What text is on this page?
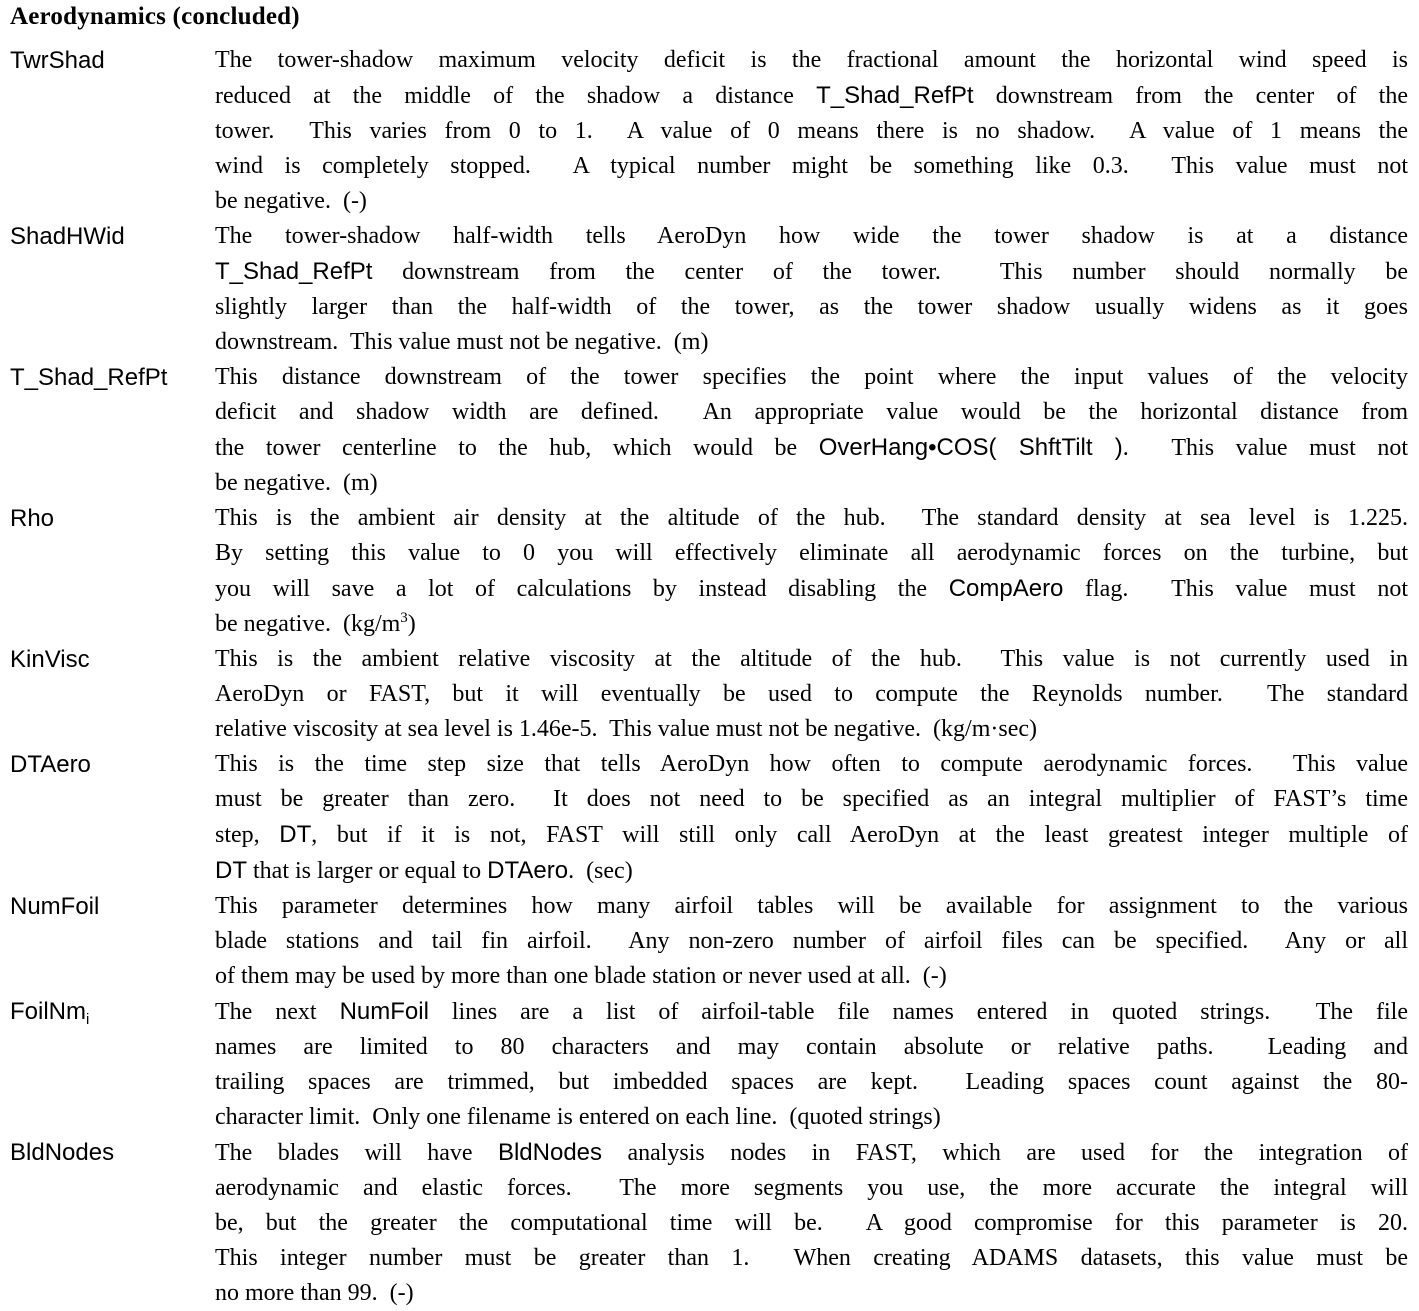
Aerodynamics (concluded)
TwrShad	The tower-shadow maximum velocity deficit is the fractional amount the horizontal wind speed is
reduced at the middle of the shadow a distance T_Shad_RefPt downstream from the center of the
tower.  This varies from 0 to 1.  A value of 0 means there is no shadow.  A value of 1 means the
wind is completely stopped.  A typical number might be something like 0.3.  This value must not
be negative.  (-)
ShadHWid	The tower-shadow half-width tells AeroDyn how wide the tower shadow is at a distance
T_Shad_RefPt downstream from the center of the tower.  This number should normally be
slightly larger than the half-width of the tower, as the tower shadow usually widens as it goes
downstream.  This value must not be negative.  (m)
T_Shad_RefPt	This distance downstream of the tower specifies the point where the input values of the velocity
deficit and shadow width are defined.  An appropriate value would be the horizontal distance from
the tower centerline to the hub, which would be OverHang•COS( ShftTilt ).  This value must not
be negative.  (m)
Rho	This is the ambient air density at the altitude of the hub.  The standard density at sea level is 1.225.
By setting this value to 0 you will effectively eliminate all aerodynamic forces on the turbine, but
you will save a lot of calculations by instead disabling the CompAero flag.  This value must not
be negative.  $(kg/m^3)$
KinVisc	This is the ambient relative viscosity at the altitude of the hub.  This value is not currently used in
AeroDyn or FAST, but it will eventually be used to compute the Reynolds number.  The standard
relative viscosity at sea level is 1.46e-5.  This value must not be negative.  (kg/m·sec)
DTAero	This is the time step size that tells AeroDyn how often to compute aerodynamic forces.  This value
must be greater than zero.  It does not need to be specified as an integral multiplier of FAST’s time
step, DT, but if it is not, FAST will still only call AeroDyn at the least greatest integer multiple of
DT that is larger or equal to DTAero.  (sec)
NumFoil	This parameter determines how many airfoil tables will be available for assignment to the various
blade stations and tail fin airfoil.  Any non-zero number of airfoil files can be specified.  Any or all
of them may be used by more than one blade station or never used at all.  (-)
FoilNm$_i$	The next NumFoil lines are a list of airfoil-table file names entered in quoted strings.  The file
names are limited to 80 characters and may contain absolute or relative paths.  Leading and
trailing spaces are trimmed, but imbedded spaces are kept.  Leading spaces count against the 80-
character limit.  Only one filename is entered on each line.  (quoted strings)
BldNodes	The blades will have BldNodes analysis nodes in FAST, which are used for the integration of
aerodynamic and elastic forces.  The more segments you use, the more accurate the integral will
be, but the greater the computational time will be.  A good compromise for this parameter is 20.
This integer number must be greater than 1.  When creating ADAMS datasets, this value must be
no more than 99.  (-)
